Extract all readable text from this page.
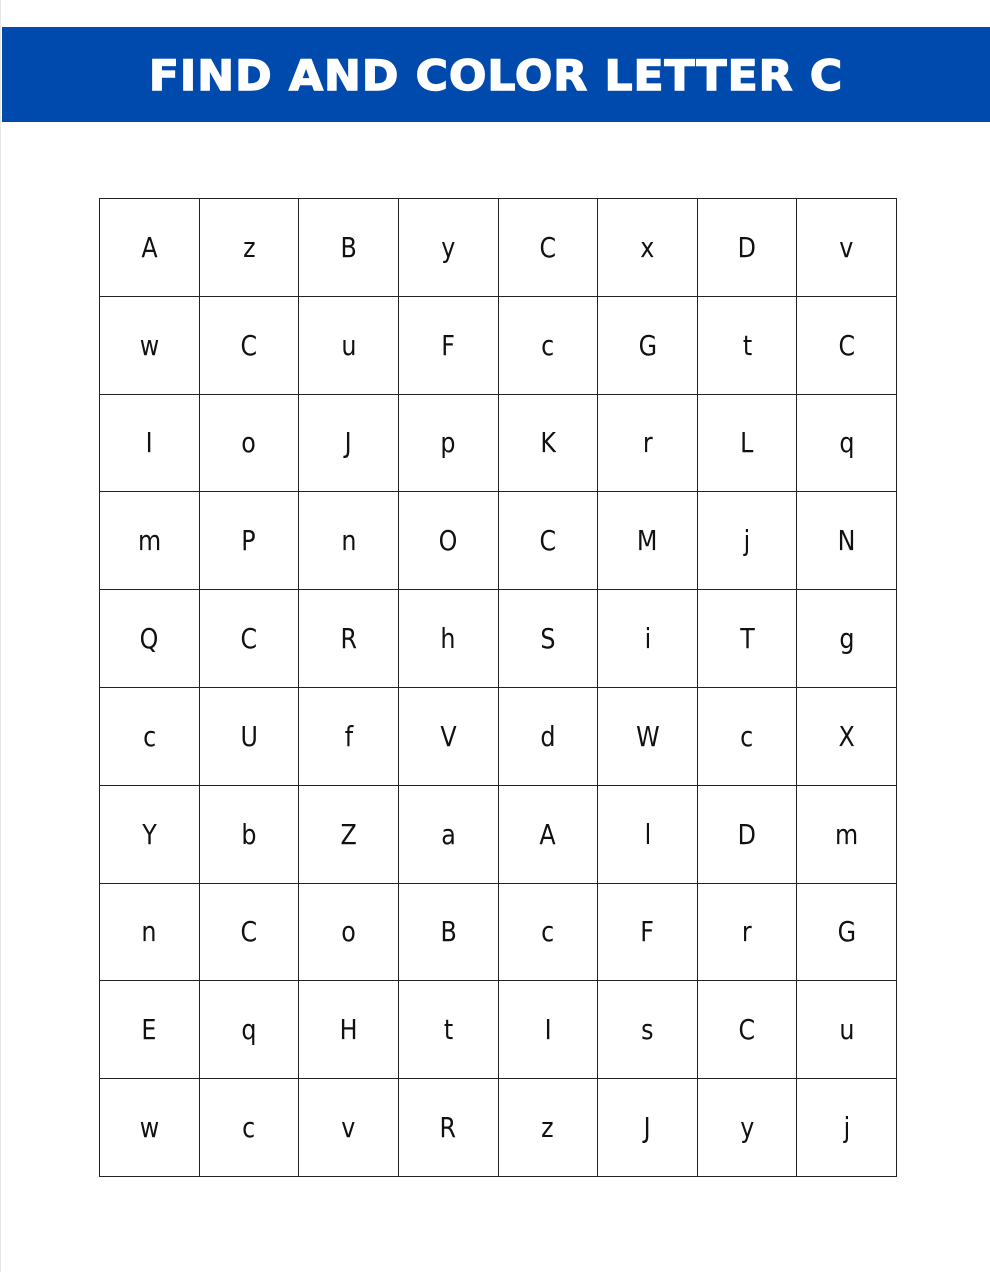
FIND AND COLOR LETTER C
A	z	B	y	C	x	D	v
w	C	u	F	c	G	t	C
I	o	J	p	K	r	L	q
m	P	n	O	C	M	j	N
Q	C	R	h	S	i	T	g
c	U	f	V	d	W	c	X
Y	b	Z	a	A	l	D	m
n	C	o	B	c	F	r	G
E	q	H	t	I	s	C	u
w	c	v	R	z	J	y	j
